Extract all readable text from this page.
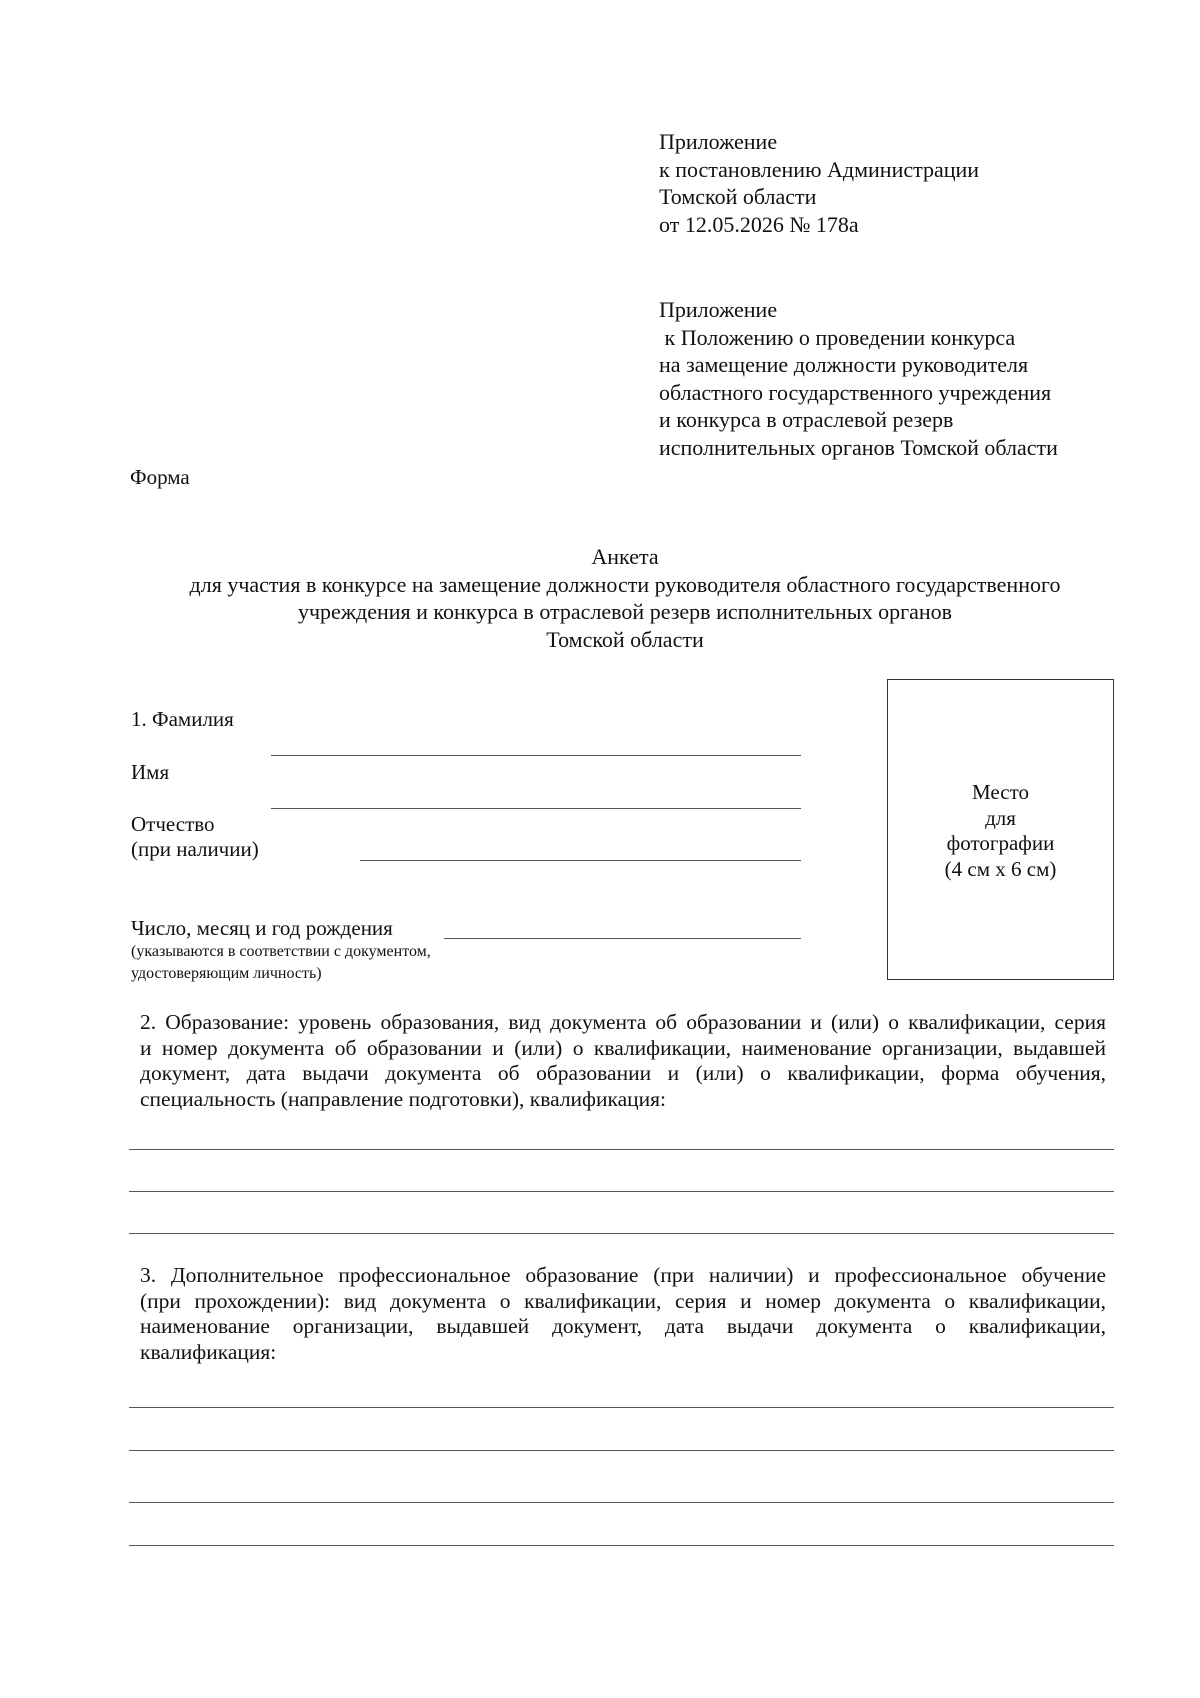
Приложение
к постановлению Администрации
Томской области
от 12.05.2026 № 178а
Приложение
к Положению о проведении конкурса
на замещение должности руководителя
областного государственного учреждения
и конкурса в отраслевой резерв
исполнительных органов Томской области
Форма
Анкета
для участия в конкурсе на замещение должности руководителя областного государственного
учреждения и конкурса в отраслевой резерв исполнительных органов
Томской области
1. Фамилия
Имя
Отчество
(при наличии)
Число, месяц и год рождения
(указываются в соответствии с документом,
удостоверяющим личность)
Место
для
фотографии
(4 см х 6 см)
2. Образование: уровень образования, вид документа об образовании и (или) о квалификации, серия
и номер документа об образовании и (или) о квалификации, наименование организации, выдавшей
документ, дата выдачи документа об образовании и (или) о квалификации, форма обучения,
специальность (направление подготовки), квалификация:
3. Дополнительное профессиональное образование (при наличии) и профессиональное обучение
(при прохождении): вид документа о квалификации, серия и номер документа о квалификации,
наименование организации, выдавшей документ, дата выдачи документа о квалификации,
квалификация:
